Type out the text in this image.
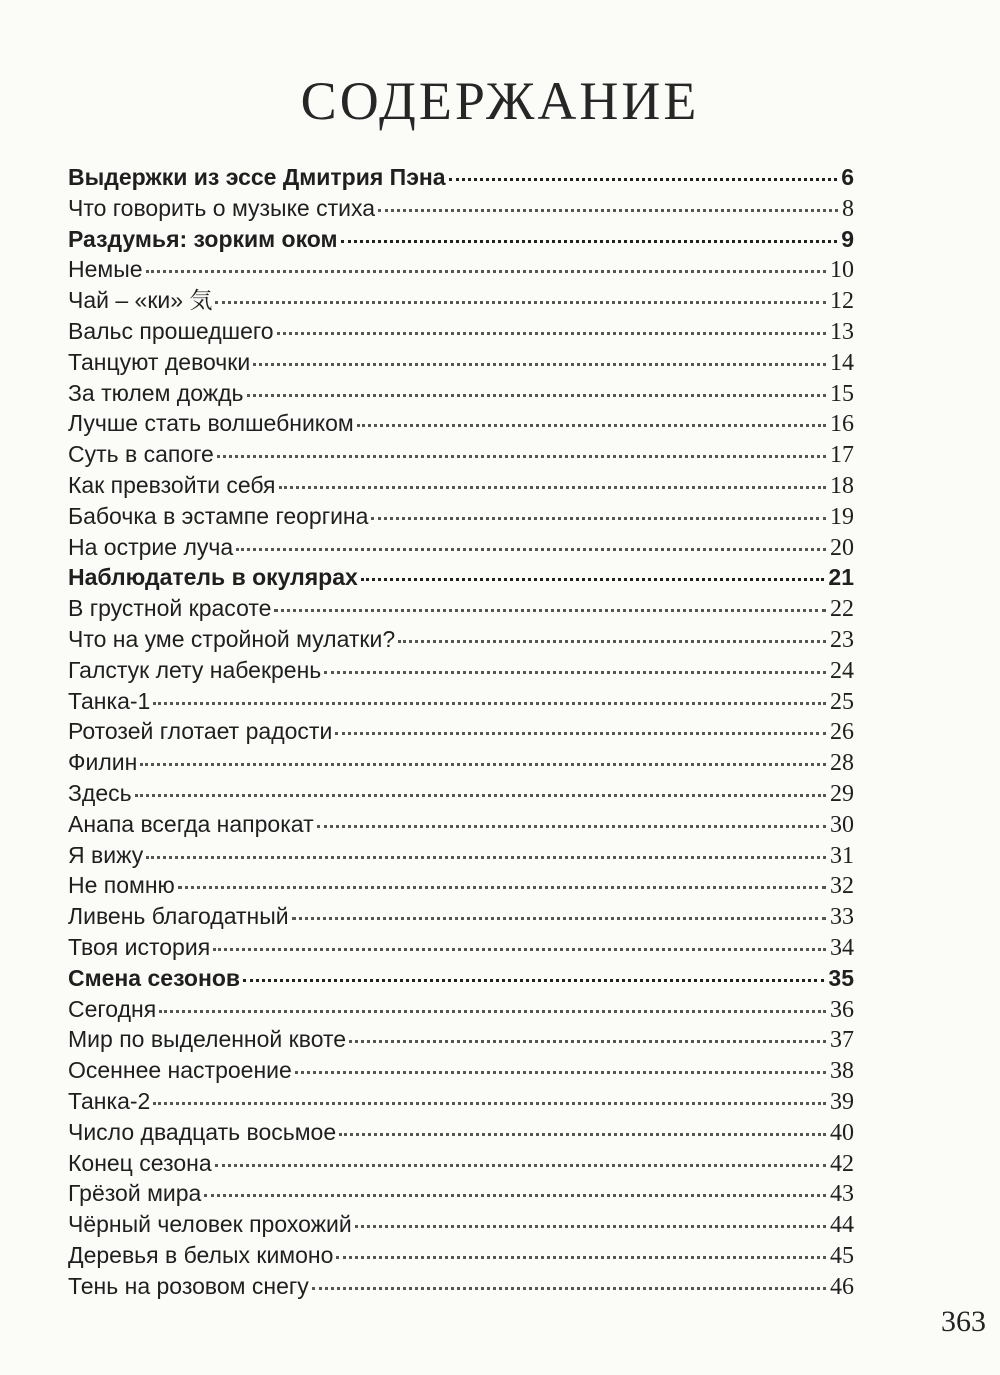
СОДЕРЖАНИЕ
Выдержки из эссе Дмитрия Пэна	6
Что говорить о музыке стиха	8
Раздумья: зорким оком	9
Немые	10
Чай – «ки» 気	12
Вальс прошедшего	13
Танцуют девочки	14
За тюлем дождь	15
Лучше стать волшебником	16
Суть в сапоге	17
Как превзойти себя	18
Бабочка в эстампе георгина	19
На острие луча	20
Наблюдатель в окулярах	21
В грустной красоте	22
Что на уме стройной мулатки?	23
Галстук лету набекрень	24
Танка-1	25
Ротозей глотает радости	26
Филин	28
Здесь	29
Анапа всегда напрокат	30
Я вижу	31
Не помню	32
Ливень благодатный	33
Твоя история	34
Смена сезонов	35
Сегодня	36
Мир по выделенной квоте	37
Осеннее настроение	38
Танка-2	39
Число двадцать восьмое	40
Конец сезона	42
Грёзой мира	43
Чёрный человек прохожий	44
Деревья в белых кимоно	45
Тень на розовом снегу	46
363
